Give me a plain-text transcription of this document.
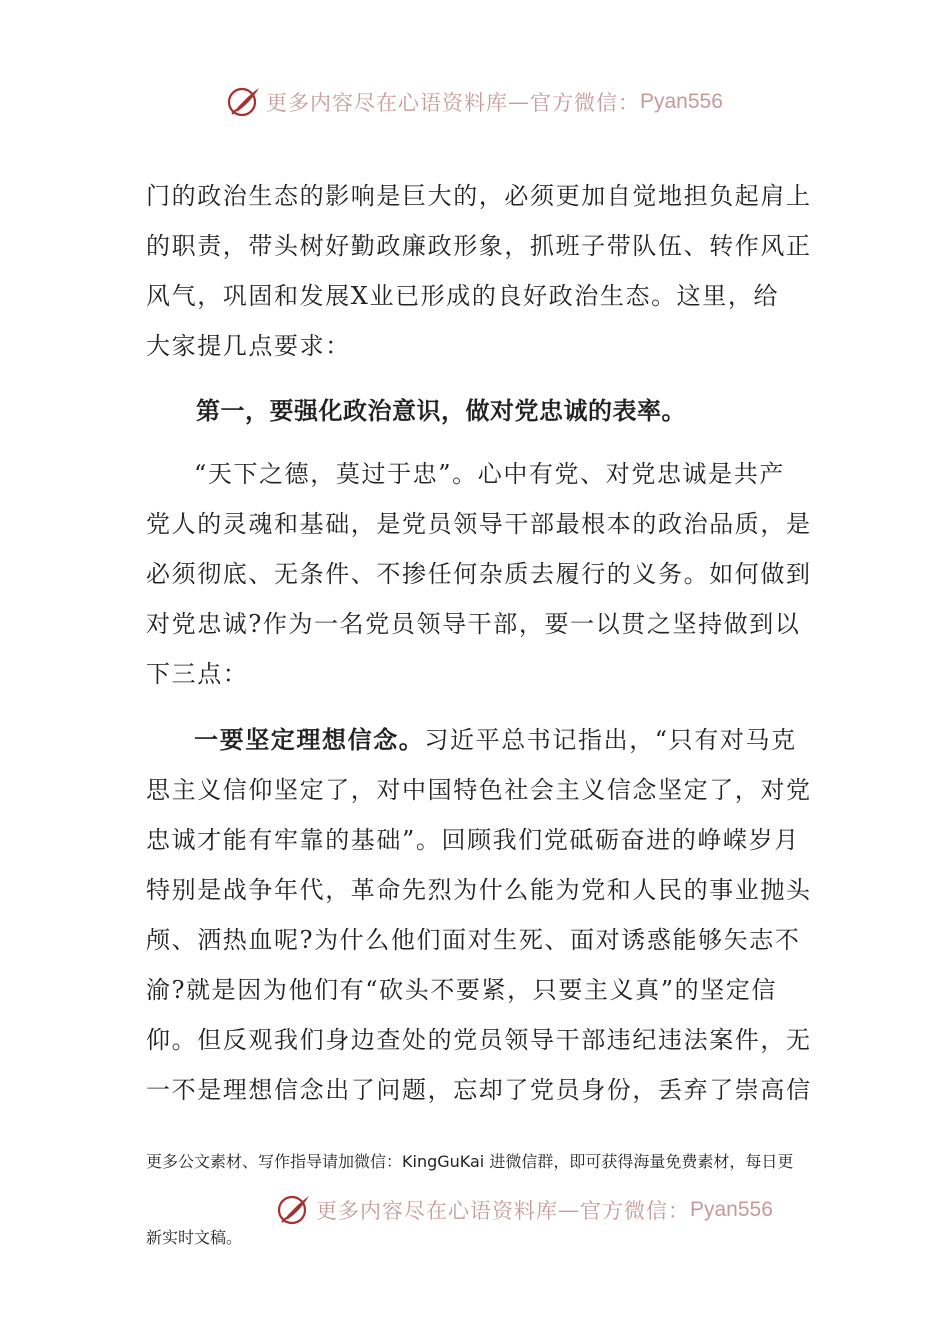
更多内容尽在心语资料库 — 官方微信： Pyan556

门的政治生态的影响是巨大的，必须更加自觉地担负起肩上
的职责，带头树好勤政廉政形象，抓班子带队伍、转作风正
风气，巩固和发展X业已形成的良好政治生态。这里，给
大家提几点要求：

第一，要强化政治意识，做对党忠诚的表率。

“天下之德，莫过于忠”。心中有党、对党忠诚是共产
党人的灵魂和基础，是党员领导干部最根本的政治品质，是
必须彻底、无条件、不掺任何杂质去履行的义务。如何做到
对党忠诚?作为一名党员领导干部，要一以贯之坚持做到以
下三点：

一要坚定理想信念。习近平总书记指出，“只有对马克
思主义信仰坚定了，对中国特色社会主义信念坚定了，对党
忠诚才能有牢靠的基础”。回顾我们党砥砺奋进的峥嵘岁月
特别是战争年代，革命先烈为什么能为党和人民的事业抛头
颅、洒热血呢?为什么他们面对生死、面对诱惑能够矢志不
渝?就是因为他们有“砍头不要紧，只要主义真”的坚定信
仰。但反观我们身边查处的党员领导干部违纪违法案件，无
一不是理想信念出了问题，忘却了党员身份，丢弃了崇高信

更多公文素材、写作指导请加微信：KingGuKai 进微信群，即可获得海量免费素材，每日更
更多内容尽在心语资料库 — 官方微信： Pyan556
新实时文稿。
